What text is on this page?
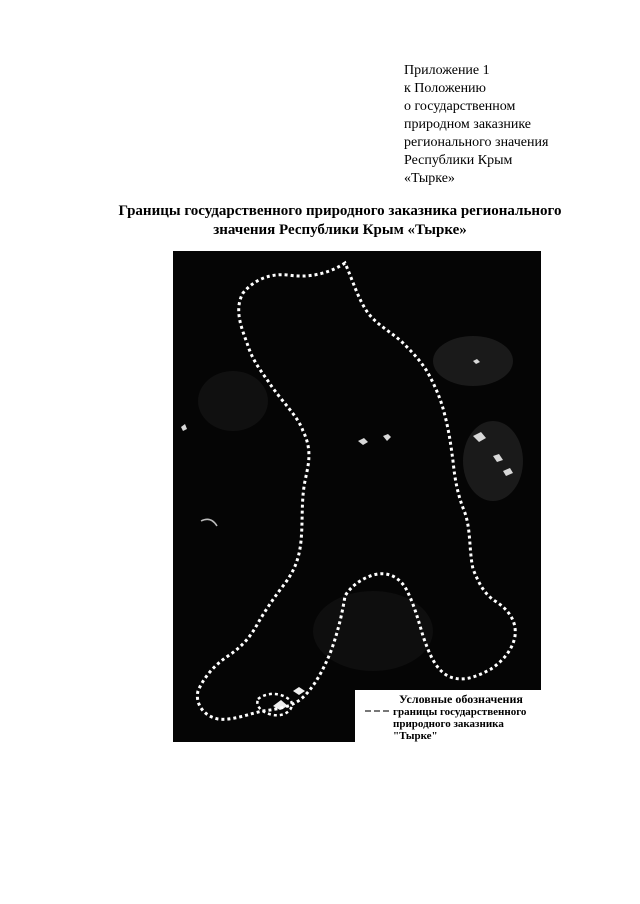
Приложение 1
к Положению
о государственном
природном заказнике
регионального значения
Республики Крым
«Тырке»
Границы государственного природного заказника регионального
значения Республики Крым «Тырке»
Условные обозначения
границы государственного
природного заказника
"Тырке"
